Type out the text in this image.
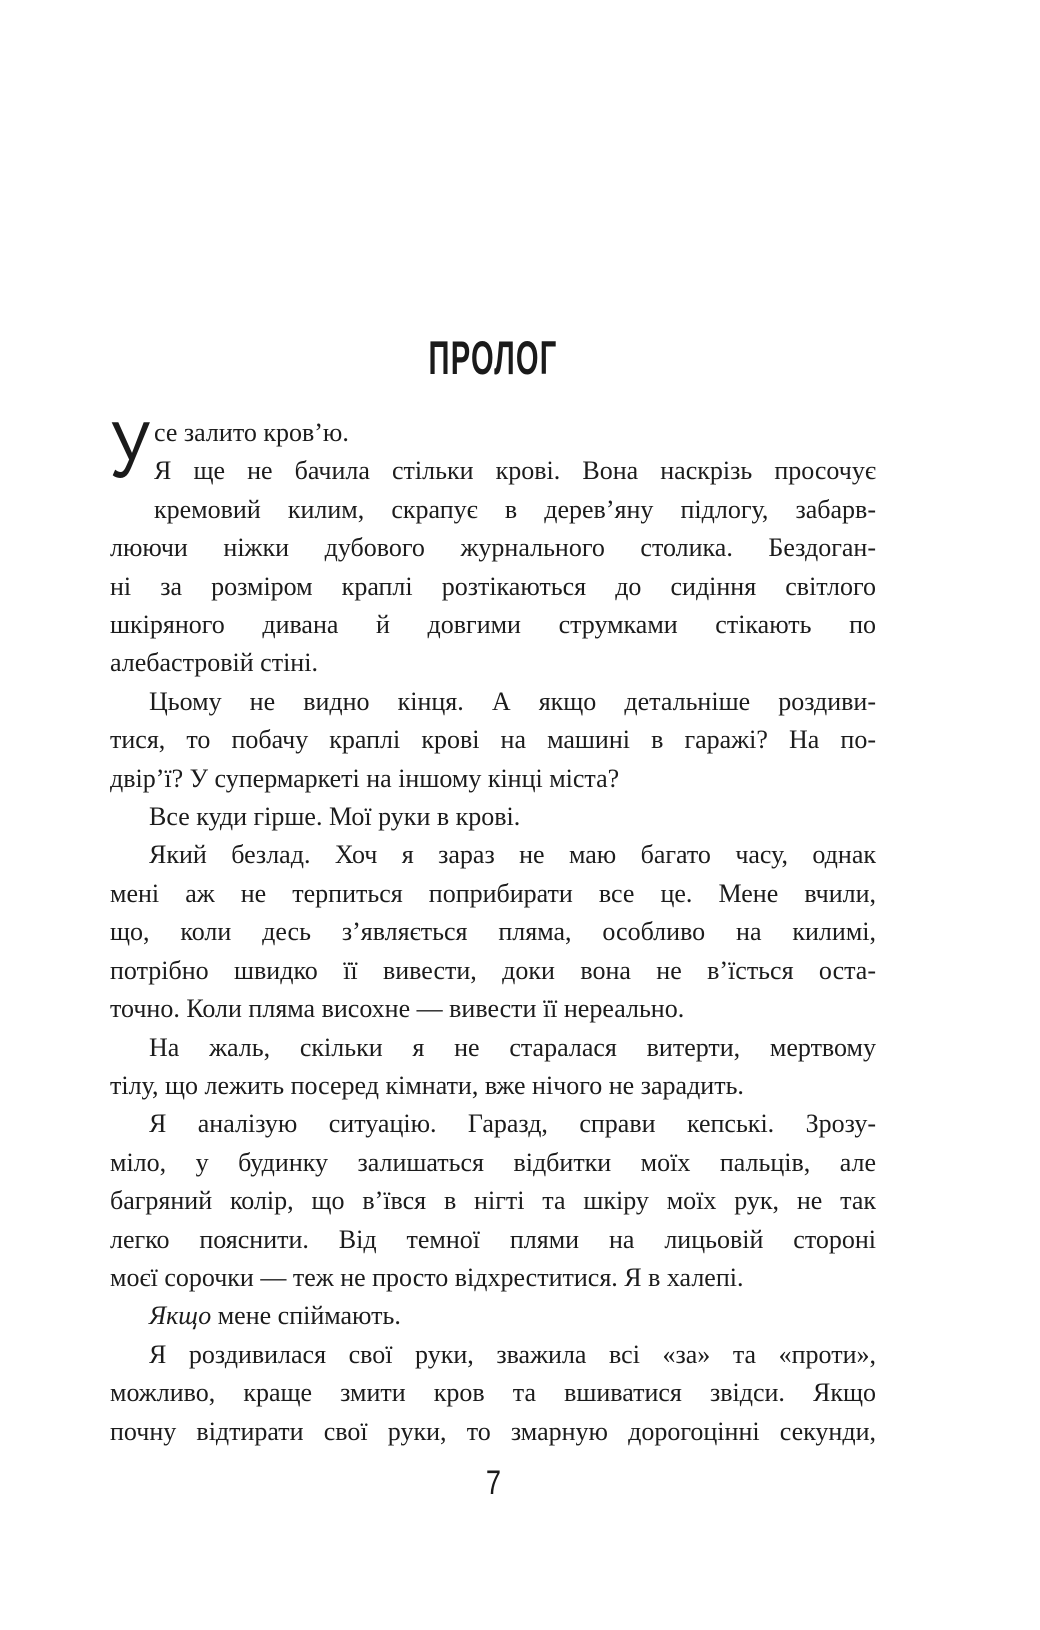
ПРОЛОГ
У се залито кров’ю.
Я ще не бачила стільки крові. Вона наскрізь просочує
кремовий килим, скрапує в дерев’яну підлогу, забарв-
люючи ніжки дубового журнального столика. Бездоган-
ні за розміром краплі розтікаються до сидіння світлого
шкіряного дивана й довгими струмками стікають по
алебастровій стіні.
Цьому не видно кінця. А якщо детальніше роздиви-
тися, то побачу краплі крові на машині в гаражі? На по-
двір’ї? У супермаркеті на іншому кінці міста?
Все куди гірше. Мої руки в крові.
Який безлад. Хоч я зараз не маю багато часу, однак
мені аж не терпиться поприбирати все це. Мене вчили,
що, коли десь з’являється пляма, особливо на килимі,
потрібно швидко її вивести, доки вона не в’їсться оста-
точно. Коли пляма висохне — вивести її нереально.
На жаль, скільки я не старалася витерти, мертвому
тілу, що лежить посеред кімнати, вже нічого не зарадить.
Я аналізую ситуацію. Гаразд, справи кепські. Зрозу-
міло, у будинку залишаться відбитки моїх пальців, але
багряний колір, що в’ївся в нігті та шкіру моїх рук, не так
легко пояснити. Від темної плями на лицьовій стороні
моєї сорочки — теж не просто відхреститися. Я в халепі.
Якщо мене спіймають.
Я роздивилася свої руки, зважила всі «за» та «проти»,
можливо, краще змити кров та вшиватися звідси. Якщо
почну відтирати свої руки, то змарную дорогоцінні секунди,
7
